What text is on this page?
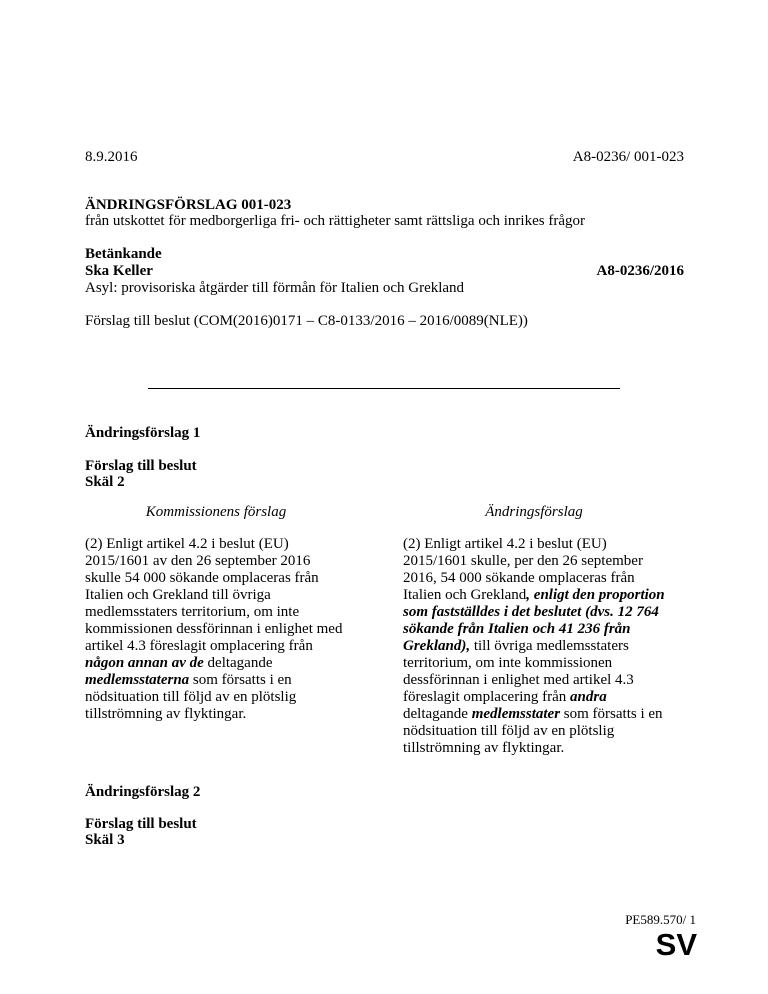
8.9.2016	A8-0236/ 001-023
ÄNDRINGSFÖRSLAG 001-023
från utskottet för medborgerliga fri- och rättigheter samt rättsliga och inrikes frågor
Betänkande
Ska Keller	A8-0236/2016
Asyl: provisoriska åtgärder till förmån för Italien och Grekland
Förslag till beslut (COM(2016)0171 – C8-0133/2016 – 2016/0089(NLE))
Ändringsförslag 1
Förslag till beslut
Skäl 2
Kommissionens förslag	Ändringsförslag
(2) Enligt artikel 4.2 i beslut (EU) 2015/1601 av den 26 september 2016 skulle 54 000 sökande omplaceras från Italien och Grekland till övriga medlemsstaters territorium, om inte kommissionen dessförinnan i enlighet med artikel 4.3 föreslagit omplacering från någon annan av de deltagande medlemsstaterna som försatts i en nödsituation till följd av en plötslig tillströmning av flyktingar.
(2) Enligt artikel 4.2 i beslut (EU) 2015/1601 skulle, per den 26 september 2016, 54 000 sökande omplaceras från Italien och Grekland, enligt den proportion som fastställdes i det beslutet (dvs. 12 764 sökande från Italien och 41 236 från Grekland), till övriga medlemsstaters territorium, om inte kommissionen dessförinnan i enlighet med artikel 4.3 föreslagit omplacering från andra deltagande medlemsstater som försatts i en nödsituation till följd av en plötslig tillströmning av flyktingar.
Ändringsförslag 2
Förslag till beslut
Skäl 3
PE589.570/ 1
SV
